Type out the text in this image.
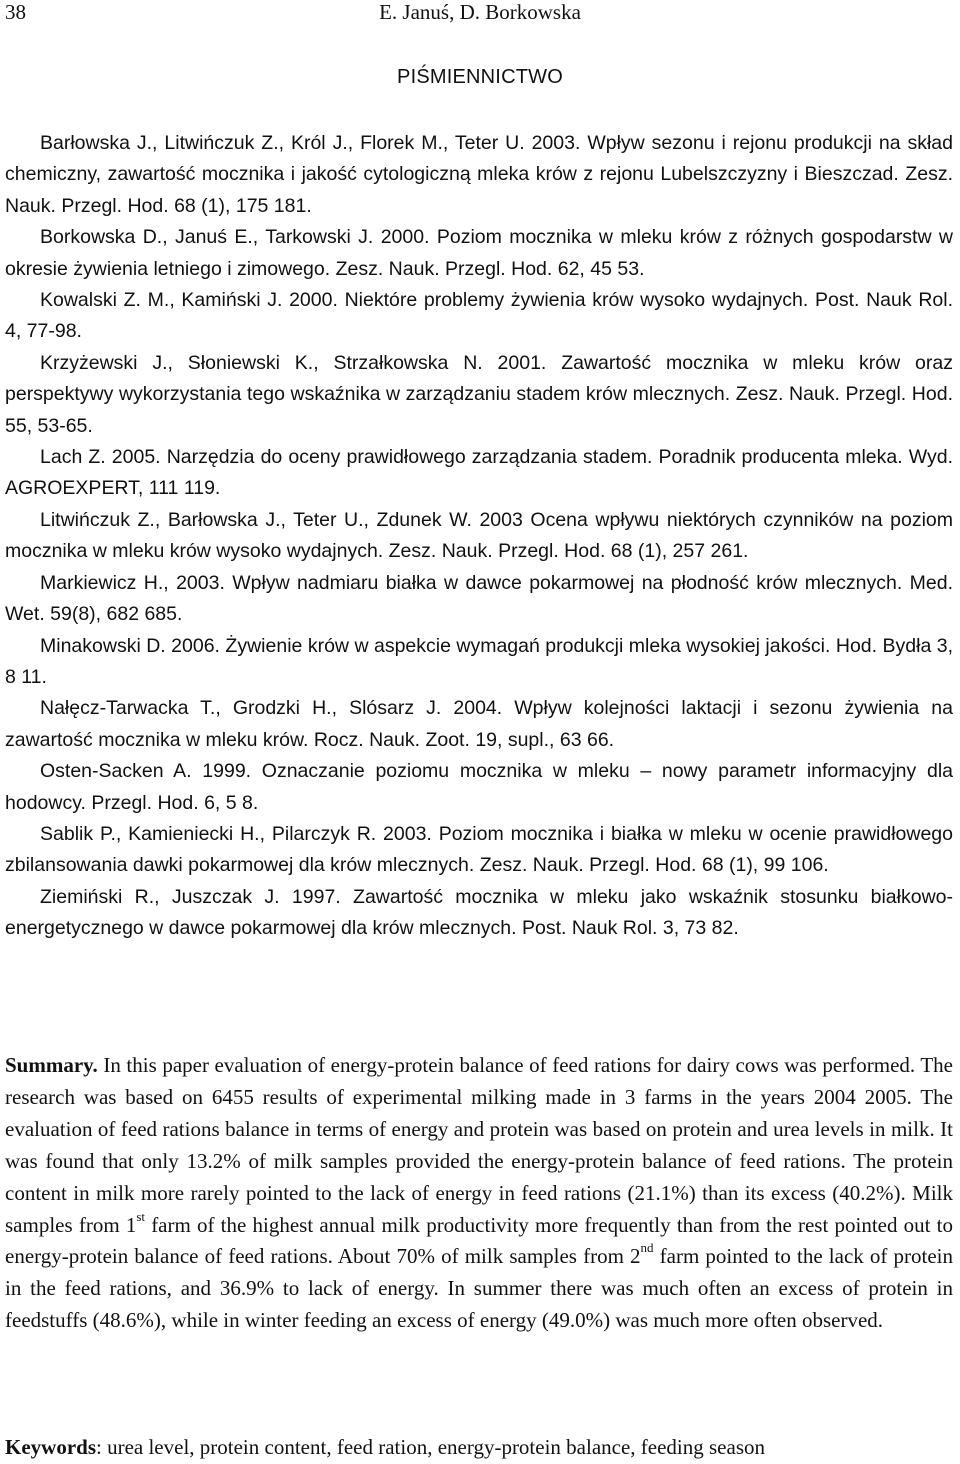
38	E. Januś, D. Borkowska
PIŚMIENNICTWO

Barłowska J., Litwińczuk Z., Król J., Florek M., Teter U. 2003. Wpływ sezonu i rejonu produkcji na skład chemiczny, zawartość mocznika i jakość cytologiczną mleka krów z rejonu Lubelszczyzny i Bieszczad. Zesz. Nauk. Przegl. Hod. 68 (1), 175 181.

Borkowska D., Januś E., Tarkowski J. 2000. Poziom mocznika w mleku krów z różnych gospodarstw w okresie żywienia letniego i zimowego. Zesz. Nauk. Przegl. Hod. 62, 45 53.

Kowalski Z. M., Kamiński J. 2000. Niektóre problemy żywienia krów wysoko wydajnych. Post. Nauk Rol. 4, 77-98.

Krzyżewski J., Słoniewski K., Strzałkowska N. 2001. Zawartość mocznika w mleku krów oraz perspektywy wykorzystania tego wskaźnika w zarządzaniu stadem krów mlecznych. Zesz. Nauk. Przegl. Hod. 55, 53-65.

Lach Z. 2005. Narzędzia do oceny prawidłowego zarządzania stadem. Poradnik producenta mleka. Wyd. AGROEXPERT, 111 119.

Litwińczuk Z., Barłowska J., Teter U., Zdunek W. 2003 Ocena wpływu niektórych czynników na poziom mocznika w mleku krów wysoko wydajnych. Zesz. Nauk. Przegl. Hod. 68 (1), 257 261.

Markiewicz H., 2003. Wpływ nadmiaru białka w dawce pokarmowej na płodność krów mlecznych. Med. Wet. 59(8), 682 685.

Minakowski D. 2006. Żywienie krów w aspekcie wymagań produkcji mleka wysokiej jakości. Hod. Bydła 3, 8 11.

Nałęcz-Tarwacka T., Grodzki H., Slósarz J. 2004. Wpływ kolejności laktacji i sezonu żywienia na zawartość mocznika w mleku krów. Rocz. Nauk. Zoot. 19, supl., 63 66.

Osten-Sacken A. 1999. Oznaczanie poziomu mocznika w mleku – nowy parametr informacyjny dla hodowcy. Przegl. Hod. 6, 5 8.

Sablik P., Kamieniecki H., Pilarczyk R. 2003. Poziom mocznika i białka w mleku w ocenie prawidłowego zbilansowania dawki pokarmowej dla krów mlecznych. Zesz. Nauk. Przegl. Hod. 68 (1), 99 106.

Ziemiński R., Juszczak J. 1997. Zawartość mocznika w mleku jako wskaźnik stosunku białkowo-energetycznego w dawce pokarmowej dla krów mlecznych. Post. Nauk Rol. 3, 73 82.

Summary. In this paper evaluation of energy-protein balance of feed rations for dairy cows was performed. The research was based on 6455 results of experimental milking made in 3 farms in the years 2004 2005. The evaluation of feed rations balance in terms of energy and protein was based on protein and urea levels in milk. It was found that only 13.2% of milk samples provided the energy-protein balance of feed rations. The protein content in milk more rarely pointed to the lack of energy in feed rations (21.1%) than its excess (40.2%). Milk samples from 1st farm of the highest annual milk productivity more frequently than from the rest pointed out to energy-protein balance of feed rations. About 70% of milk samples from 2nd farm pointed to the lack of protein in the feed rations, and 36.9% to lack of energy. In summer there was much often an excess of protein in feedstuffs (48.6%), while in winter feeding an excess of energy (49.0%) was much more often observed.

Keywords: urea level, protein content, feed ration, energy-protein balance, feeding season
